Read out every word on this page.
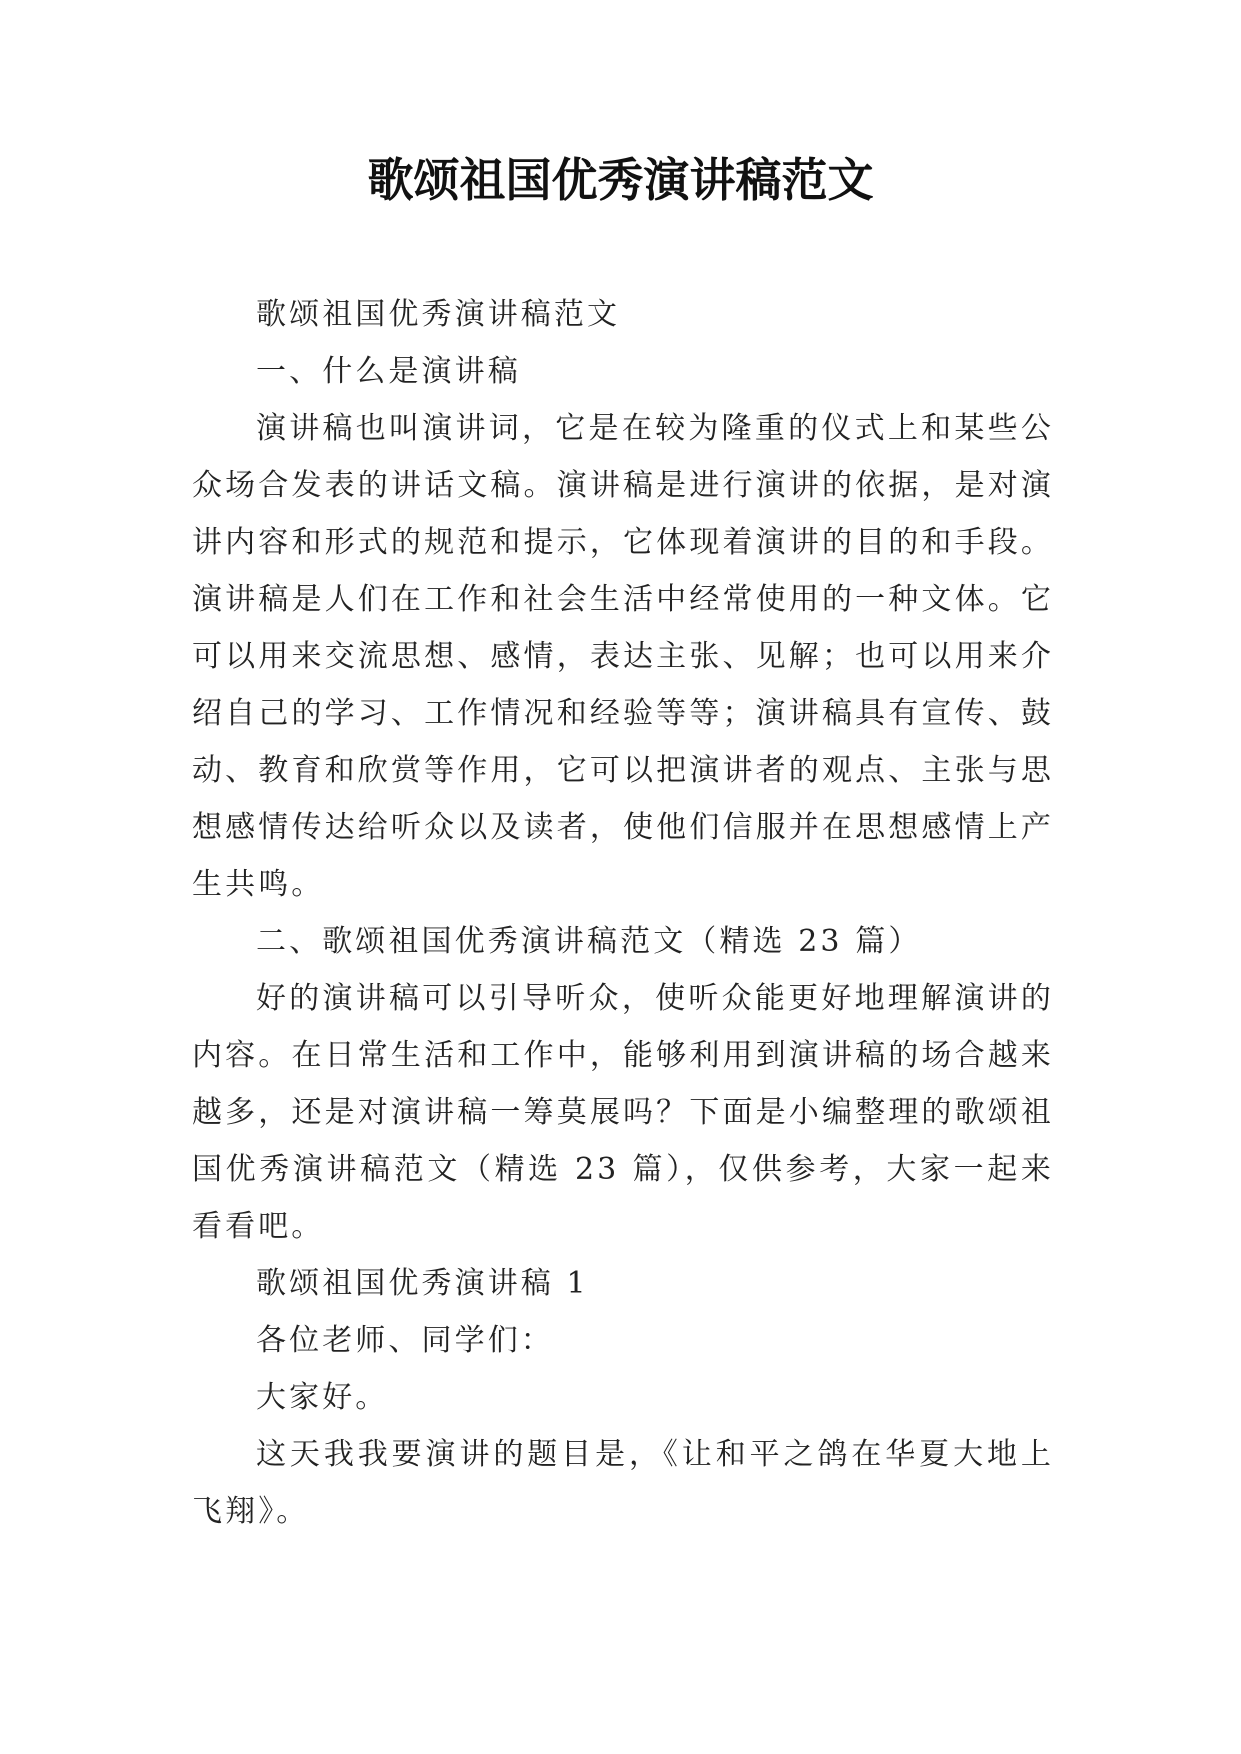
歌颂祖国优秀演讲稿范文

歌颂祖国优秀演讲稿范文

一、什么是演讲稿

演讲稿也叫演讲词，它是在较为隆重的仪式上和某些公众场合发表的讲话文稿。演讲稿是进行演讲的依据，是对演讲内容和形式的规范和提示，它体现着演讲的目的和手段。演讲稿是人们在工作和社会生活中经常使用的一种文体。它可以用来交流思想、感情，表达主张、见解；也可以用来介绍自己的学习、工作情况和经验等等；演讲稿具有宣传、鼓动、教育和欣赏等作用，它可以把演讲者的观点、主张与思想感情传达给听众以及读者，使他们信服并在思想感情上产生共鸣。

二、歌颂祖国优秀演讲稿范文（精选 23 篇）

好的演讲稿可以引导听众，使听众能更好地理解演讲的内容。在日常生活和工作中，能够利用到演讲稿的场合越来越多，还是对演讲稿一筹莫展吗？下面是小编整理的歌颂祖国优秀演讲稿范文（精选 23 篇），仅供参考，大家一起来看看吧。

歌颂祖国优秀演讲稿 1

各位老师、同学们：

大家好。

这天我我要演讲的题目是，《让和平之鸽在华夏大地上飞翔》。
